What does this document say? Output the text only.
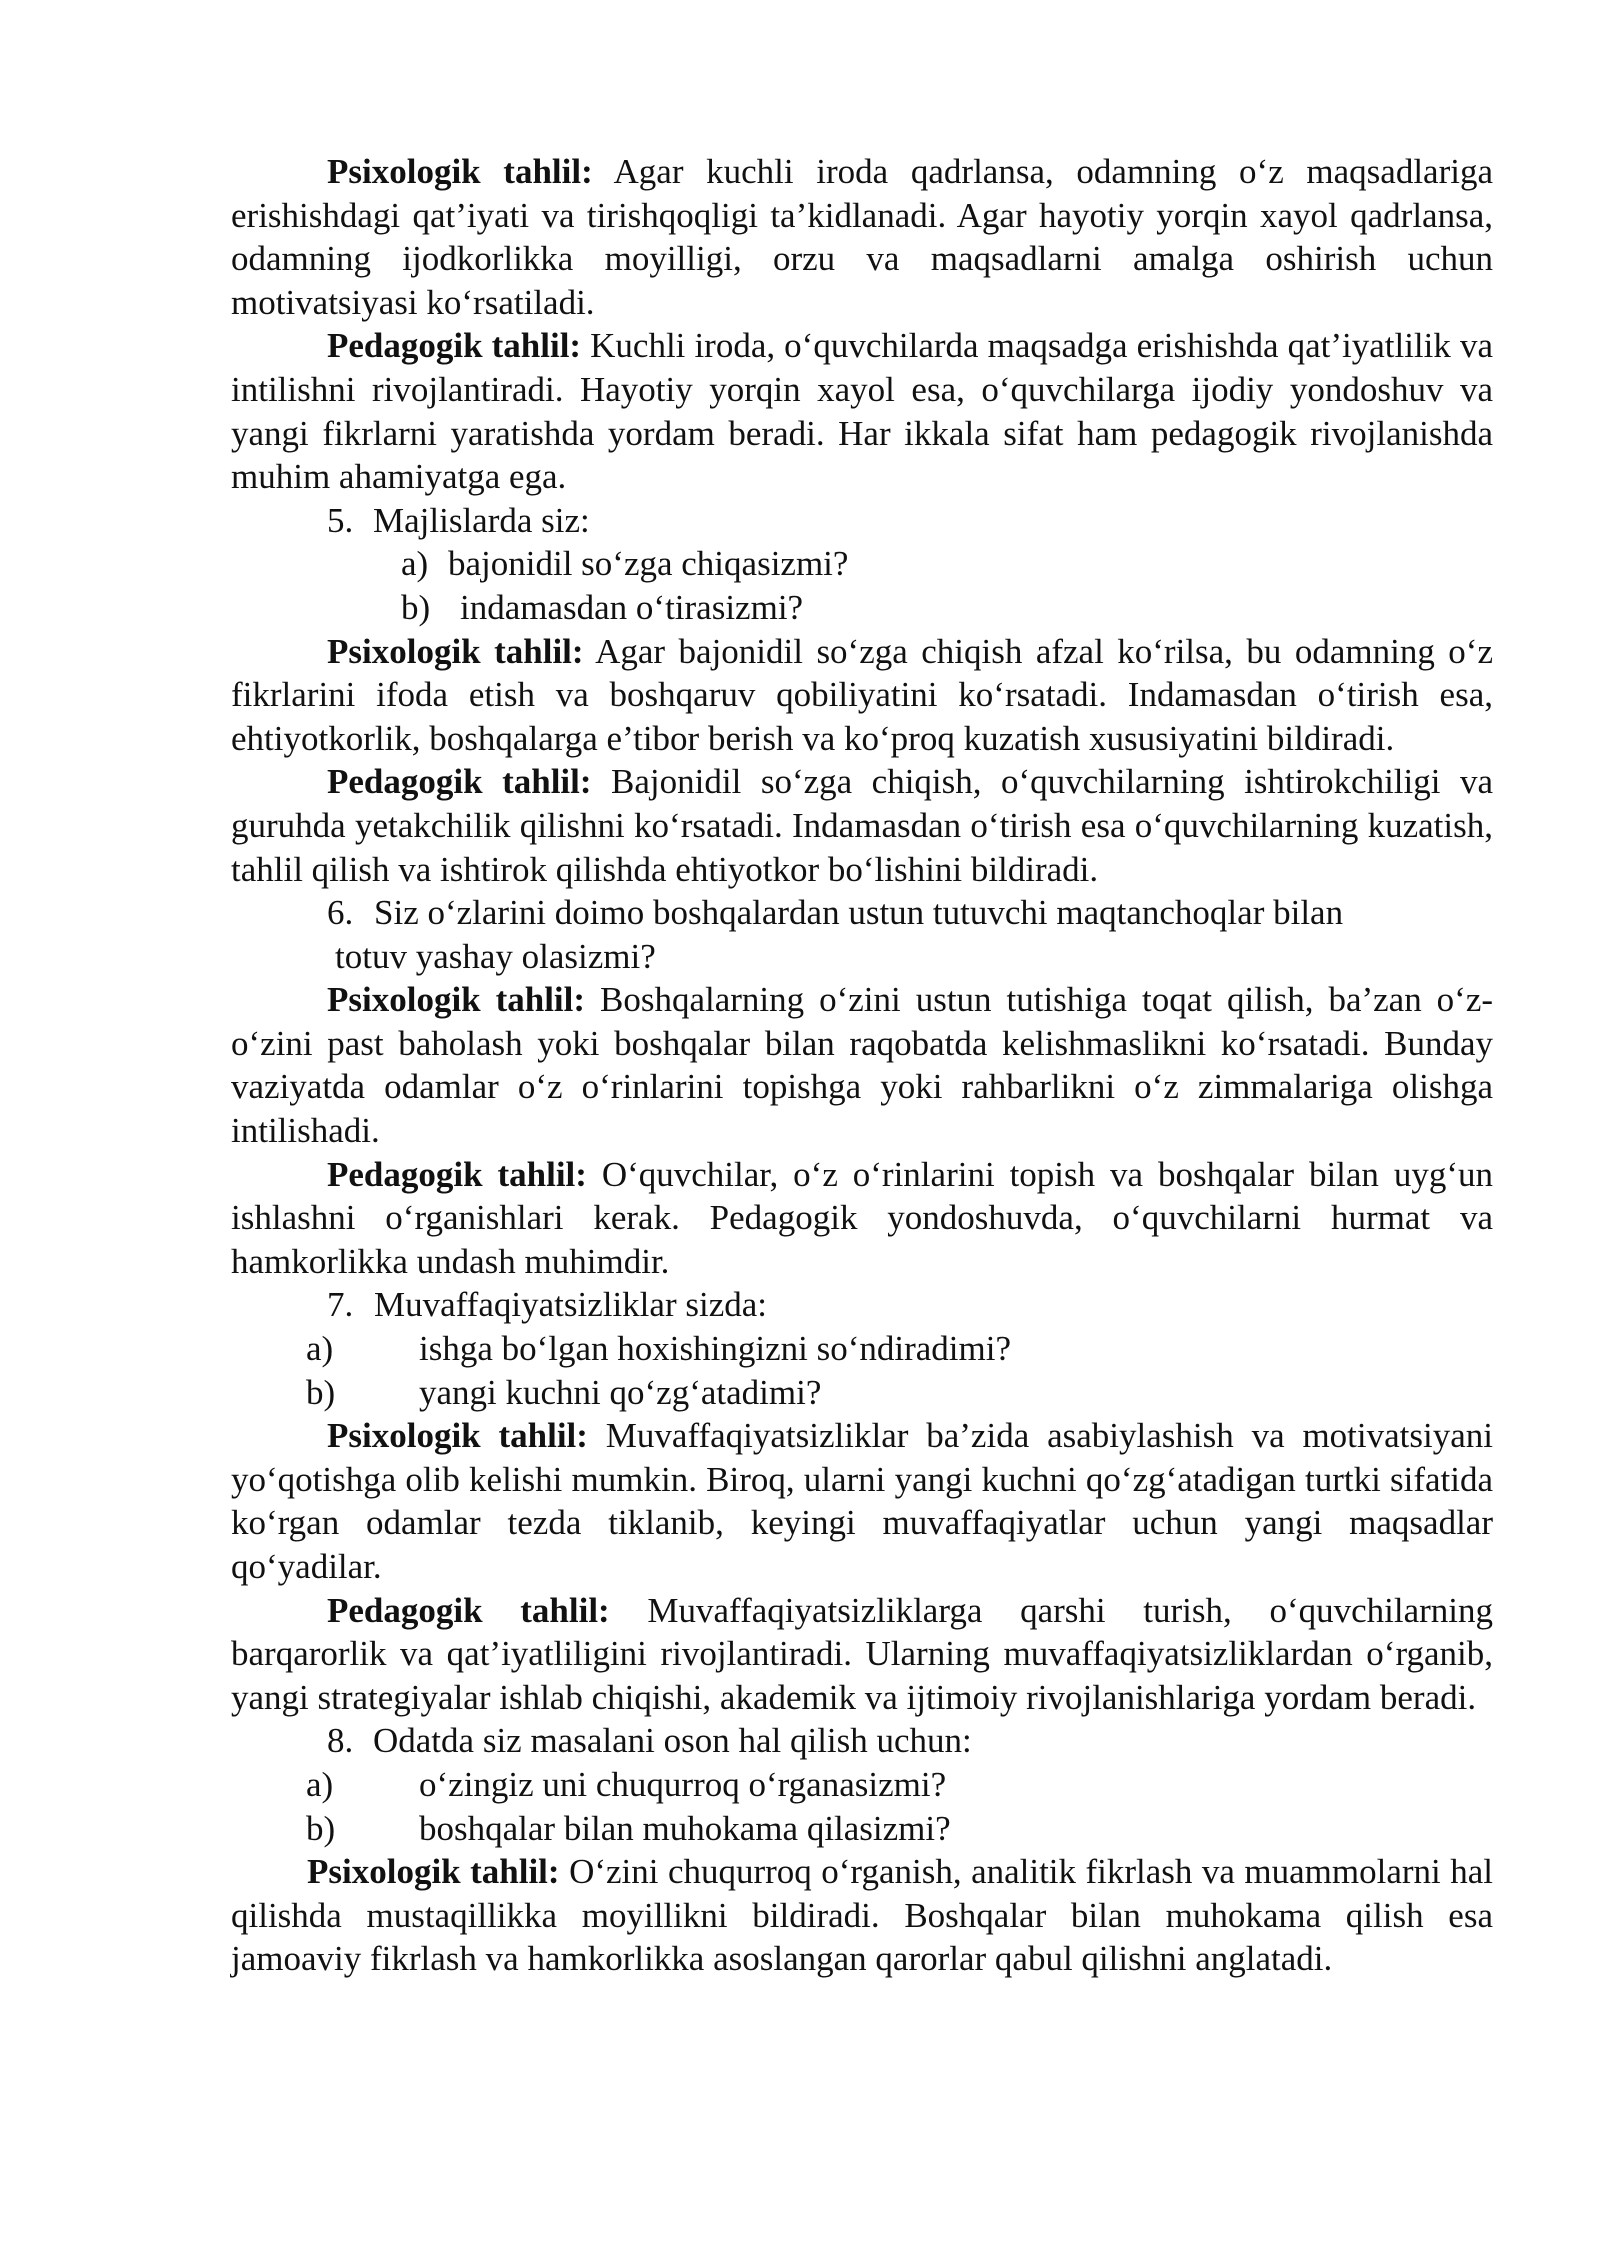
Psixologik tahlil: Agar kuchli iroda qadrlansa, odamning o‘z maqsadlariga erishishdagi qat’iyati va tirishqoqligi ta’kidlanadi. Agar hayotiy yorqin xayol qadrlansa, odamning ijodkorlikka moyilligi, orzu va maqsadlarni amalga oshirish uchun motivatsiyasi ko‘rsatiladi.

Pedagogik tahlil: Kuchli iroda, o‘quvchilarda maqsadga erishishda qat’iyatlilik va intilishni rivojlantiradi. Hayotiy yorqin xayol esa, o‘quvchilarga ijodiy yondoshuv va yangi fikrlarni yaratishda yordam beradi. Har ikkala sifat ham pedagogik rivojlanishda muhim ahamiyatga ega.

5. Majlislarda siz:

a) bajonidil so‘zga chiqasizmi?

b) indamasdan o‘tirasizmi?

Psixologik tahlil: Agar bajonidil so‘zga chiqish afzal ko‘rilsa, bu odamning o‘z fikrlarini ifoda etish va boshqaruv qobiliyatini ko‘rsatadi. Indamasdan o‘tirish esa, ehtiyotkorlik, boshqalarga e’tibor berish va ko‘proq kuzatish xususiyatini bildiradi.

Pedagogik tahlil: Bajonidil so‘zga chiqish, o‘quvchilarning ishtirokchiligi va guruhda yetakchilik qilishni ko‘rsatadi. Indamasdan o‘tirish esa o‘quvchilarning kuzatish, tahlil qilish va ishtirok qilishda ehtiyotkor bo‘lishini bildiradi.

6. Siz o‘zlarini doimo boshqalardan ustun tutuvchi maqtanchoqlar bilan

totuv yashay olasizmi?

Psixologik tahlil: Boshqalarning o‘zini ustun tutishiga toqat qilish, ba’zan o‘z-o‘zini past baholash yoki boshqalar bilan raqobatda kelishmaslikni ko‘rsatadi. Bunday vaziyatda odamlar o‘z o‘rinlarini topishga yoki rahbarlikni o‘z zimmalariga olishga intilishadi.

Pedagogik tahlil: O‘quvchilar, o‘z o‘rinlarini topish va boshqalar bilan uyg‘un ishlashni o‘rganishlari kerak. Pedagogik yondoshuvda, o‘quvchilarni hurmat va hamkorlikka undash muhimdir.

7. Muvaffaqiyatsizliklar sizda:

a)	ishga bo‘lgan hoxishingizni so‘ndiradimi?

b)	yangi kuchni qo‘zg‘atadimi?

Psixologik tahlil: Muvaffaqiyatsizliklar ba’zida asabiylashish va motivatsiyani yo‘qotishga olib kelishi mumkin. Biroq, ularni yangi kuchni qo‘zg‘atadigan turtki sifatida ko‘rgan odamlar tezda tiklanib, keyingi muvaffaqiyatlar uchun yangi maqsadlar qo‘yadilar.

Pedagogik tahlil: Muvaffaqiyatsizliklarga qarshi turish, o‘quvchilarning barqarorlik va qat’iyatliligini rivojlantiradi. Ularning muvaffaqiyatsizliklardan o‘rganib, yangi strategiyalar ishlab chiqishi, akademik va ijtimoiy rivojlanishlariga yordam beradi.

8. Odatda siz masalani oson hal qilish uchun:

a)	o‘zingiz uni chuqurroq o‘rganasizmi?

b)	boshqalar bilan muhokama qilasizmi?

Psixologik tahlil: O‘zini chuqurroq o‘rganish, analitik fikrlash va muammolarni hal qilishda mustaqillikka moyillikni bildiradi. Boshqalar bilan muhokama qilish esa jamoaviy fikrlash va hamkorlikka asoslangan qarorlar qabul qilishni anglatadi.
